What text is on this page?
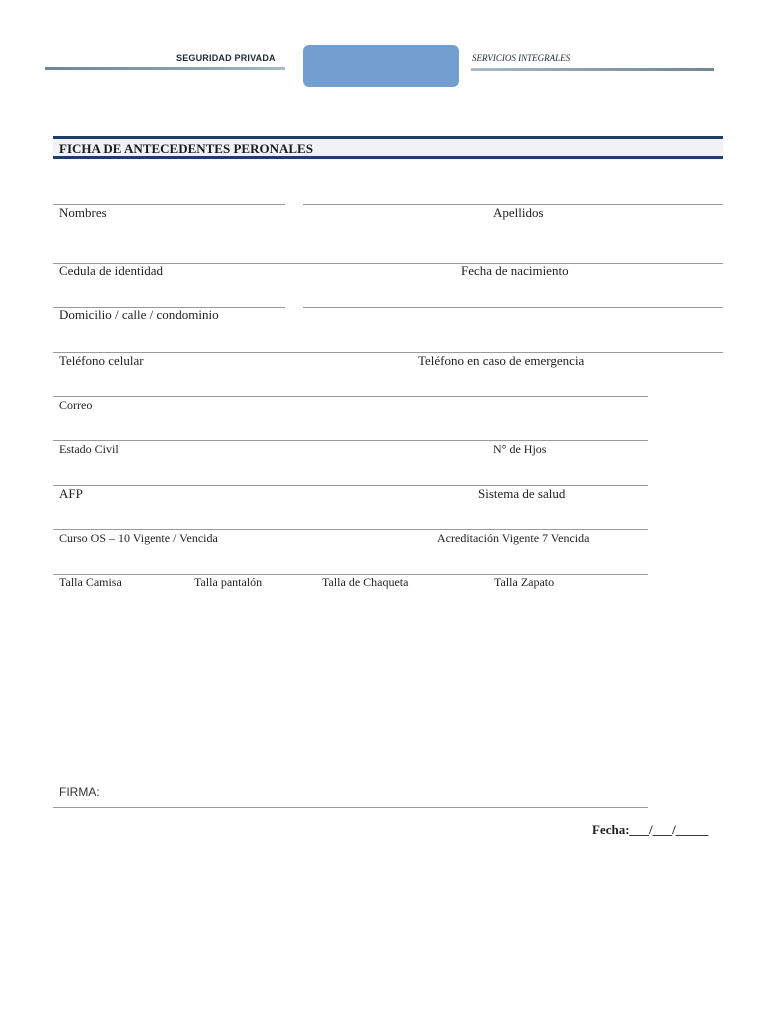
SEGURIDAD PRIVADA	SERVICIOS INTEGRALES
FICHA DE ANTECEDENTES PERONALES
Nombres	Apellidos
Cedula de identidad	Fecha de nacimiento
Domicilio / calle / condominio
Teléfono celular	Teléfono en caso de emergencia
Correo
Estado Civil	N° de Hjos
AFP	Sistema de salud
Curso OS – 10 Vigente / Vencida	Acreditación Vigente 7 Vencida
Talla Camisa	Talla pantalón	Talla de Chaqueta	Talla Zapato
FIRMA:
Fecha:___/___/_____
